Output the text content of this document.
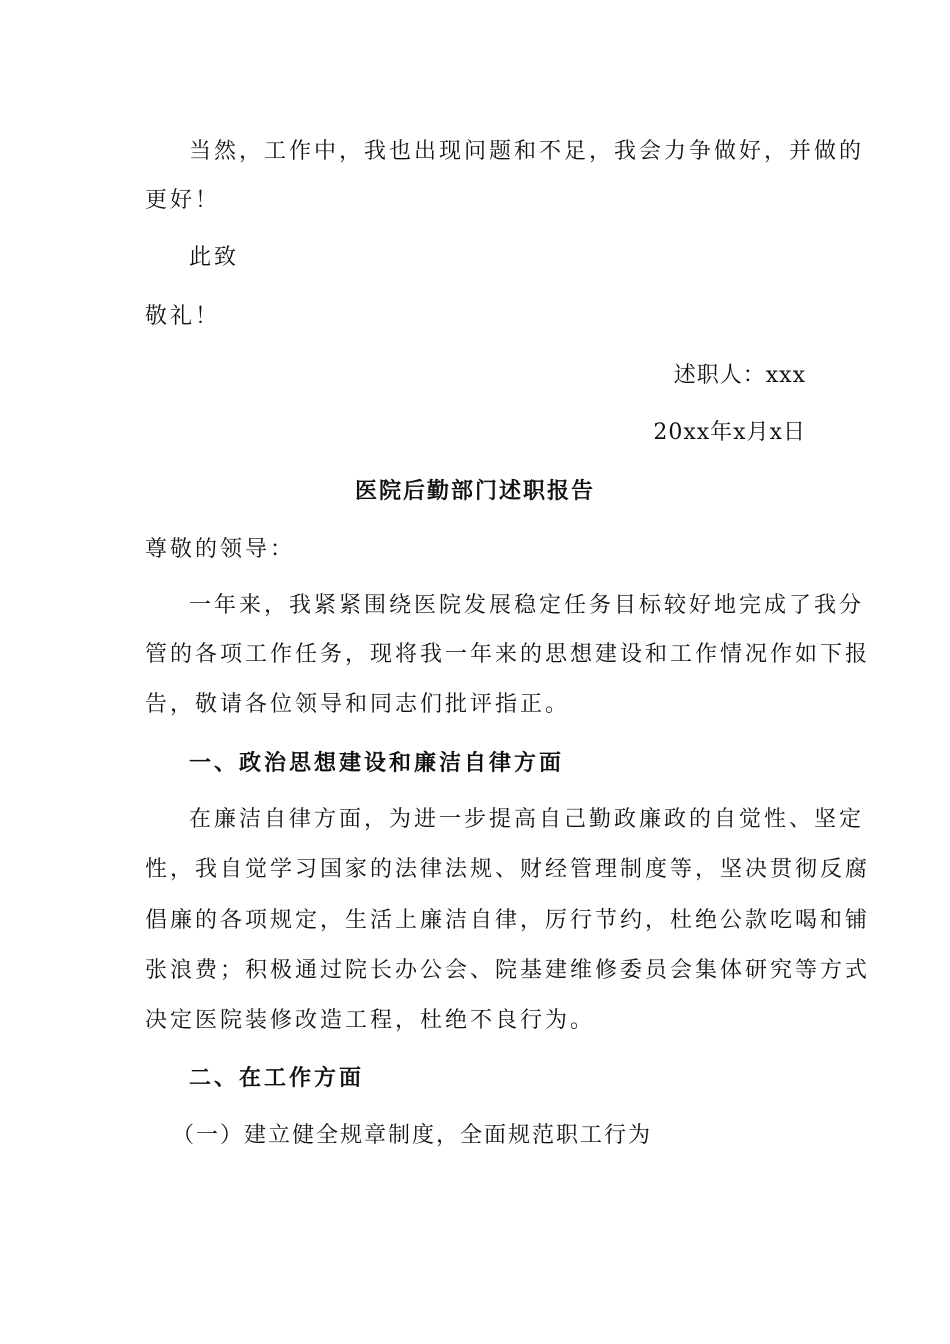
当然，工作中，我也出现问题和不足，我会力争做好，并做的
更好！
此致
敬礼！
述职人：xxx
20xx年x月x日
医院后勤部门述职报告
尊敬的领导：
一年来，我紧紧围绕医院发展稳定任务目标较好地完成了我分
管的各项工作任务，现将我一年来的思想建设和工作情况作如下报
告，敬请各位领导和同志们批评指正。
一、政治思想建设和廉洁自律方面
在廉洁自律方面，为进一步提高自己勤政廉政的自觉性、坚定
性，我自觉学习国家的法律法规、财经管理制度等，坚决贯彻反腐
倡廉的各项规定，生活上廉洁自律，厉行节约，杜绝公款吃喝和铺
张浪费；积极通过院长办公会、院基建维修委员会集体研究等方式
决定医院装修改造工程，杜绝不良行为。
二、在工作方面
（一）建立健全规章制度，全面规范职工行为
